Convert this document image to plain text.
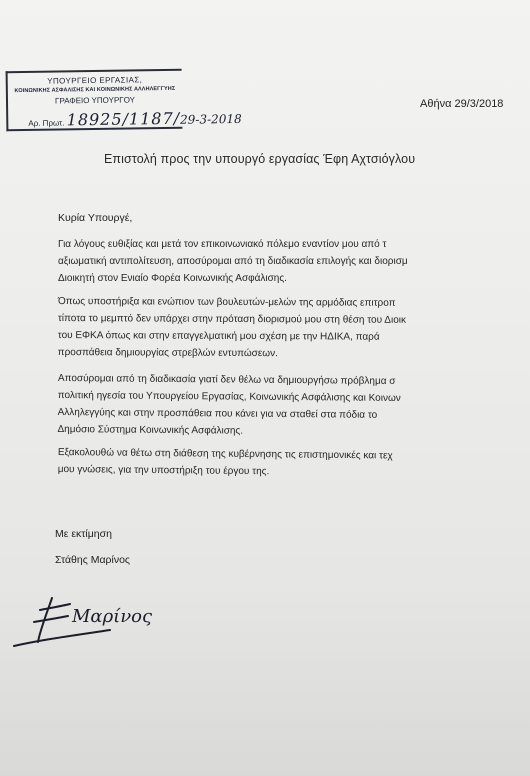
ΥΠΟΥΡΓΕΙΟ ΕΡΓΑΣΙΑΣ,
ΚΟΙΝΩΝΙΚΗΣ ΑΣΦΑΛΙΣΗΣ ΚΑΙ ΚΟΙΝΩΝΙΚΗΣ ΑΛΛΗΛΕΓΓΥΗΣ
ΓΡΑΦΕΙΟ ΥΠΟΥΡΓΟΥ
Αρ. Πρωτ. 18925/1187/29-3-2018
Αθήνα 29/3/2018
Επιστολή προς την υπουργό εργασίας Έφη Αχτσιόγλου
Κυρία Υπουργέ,
Για λόγους ευθιξίας και μετά τον επικοινωνιακό πόλεμο εναντίον μου από τ
αξιωματική αντιπολίτευση, αποσύρομαι από τη διαδικασία επιλογής και διορισμ
Διοικητή στον Ενιαίο Φορέα Κοινωνικής Ασφάλισης.
Όπως υποστήριξα και ενώπιον των βουλευτών-μελών της αρμόδιας επιτροπ
τίποτα το μεμπτό δεν υπάρχει στην πρόταση διορισμού μου στη θέση του Διοικ
του ΕΦΚΑ όπως και στην επαγγελματική μου σχέση με την ΗΔΙΚΑ, παρά
προσπάθεια δημιουργίας στρεβλών εντυπώσεων.
Αποσύρομαι από τη διαδικασία γιατί δεν θέλω να δημιουργήσω πρόβλημα σ
πολιτική ηγεσία του Υπουργείου Εργασίας, Κοινωνικής Ασφάλισης και Κοινων
Αλληλεγγύης και στην προσπάθεια που κάνει για να σταθεί στα πόδια το
Δημόσιο Σύστημα Κοινωνικής Ασφάλισης.
Εξακολουθώ να θέτω στη διάθεση της κυβέρνησης τις επιστημονικές και τεχ
μου γνώσεις, για την υποστήριξη του έργου της.
Με εκτίμηση
Στάθης Μαρίνος
Μαρίνος
